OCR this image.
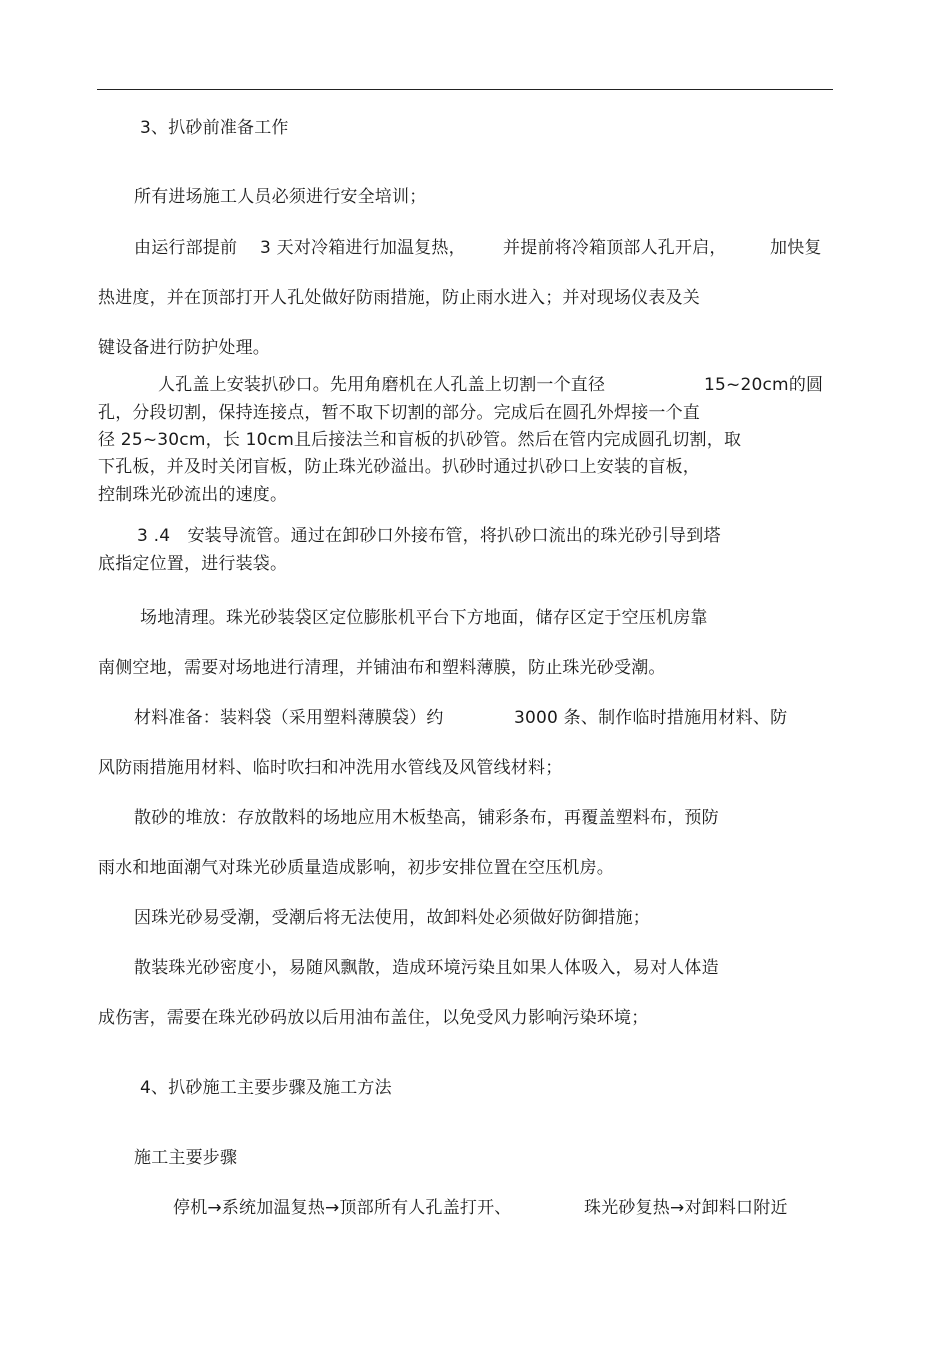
3、扒砂前准备工作
所有进场施工人员必须进行安全培训；
由运行部提前 3 天对冷箱进行加温复热， 并提前将冷箱顶部人孔开启，	加快复
热进度，并在顶部打开人孔处做好防雨措施，防止雨水进入；并对现场仪表及关
键设备进行防护处理。
人孔盖上安装扒砂口。先用角磨机在人孔盖上切割一个直径	15~20cm的圆
孔，分段切割，保持连接点，暂不取下切割的部分。完成后在圆孔外焊接一个直
径 25~30cm，长 10cm且后接法兰和盲板的扒砂管。然后在管内完成圆孔切割，取
下孔板，并及时关闭盲板，防止珠光砂溢出。扒砂时通过扒砂口上安装的盲板，
控制珠光砂流出的速度。
3 .4　安装导流管。通过在卸砂口外接布管，将扒砂口流出的珠光砂引导到塔
底指定位置，进行装袋。
场地清理。珠光砂装袋区定位膨胀机平台下方地面，储存区定于空压机房靠
南侧空地，需要对场地进行清理，并铺油布和塑料薄膜，防止珠光砂受潮。
材料准备：装料袋（采用塑料薄膜袋）约	3000 条、制作临时措施用材料、防
风防雨措施用材料、临时吹扫和冲洗用水管线及风管线材料；
散砂的堆放：存放散料的场地应用木板垫高，铺彩条布，再覆盖塑料布，预防
雨水和地面潮气对珠光砂质量造成影响，初步安排位置在空压机房。
因珠光砂易受潮，受潮后将无法使用，故卸料处必须做好防御措施；
散装珠光砂密度小，易随风飘散，造成环境污染且如果人体吸入，易对人体造
成伤害，需要在珠光砂码放以后用油布盖住，以免受风力影响污染环境；
4、扒砂施工主要步骤及施工方法
施工主要步骤
停机→系统加温复热→顶部所有人孔盖打开、	珠光砂复热→对卸料口附近
